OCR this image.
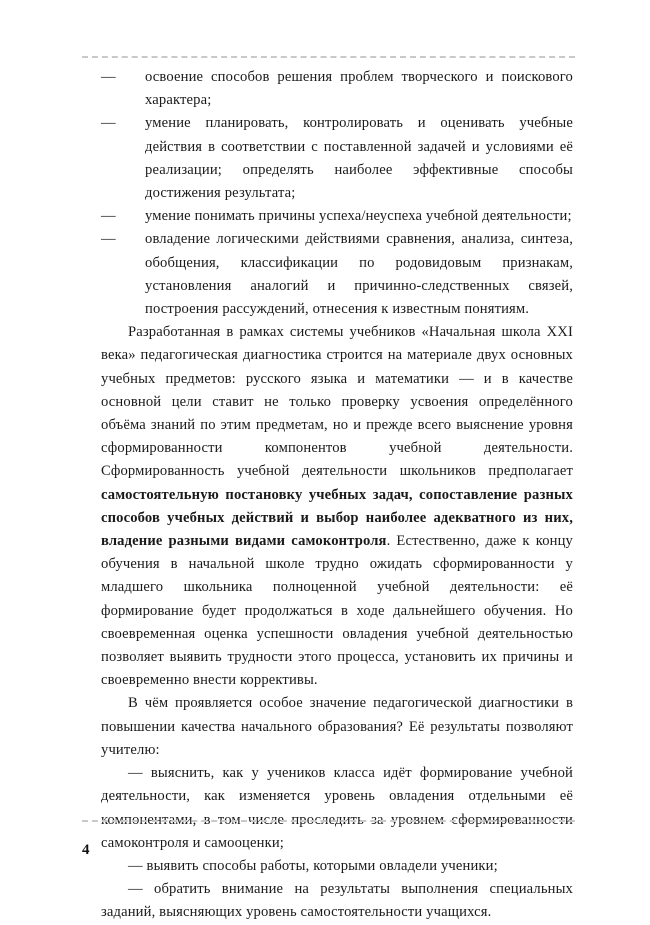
— освоение способов решения проблем творческого и поискового характера;

— умение планировать, контролировать и оценивать учебные действия в соответствии с поставленной задачей и условиями её реализации; определять наиболее эффективные способы достижения результата;

— умение понимать причины успеха/неуспеха учебной деятельности;

— овладение логическими действиями сравнения, анализа, синтеза, обобщения, классификации по родовидовым признакам, установления аналогий и причинно-следственных связей, построения рассуждений, отнесения к известным понятиям.

Разработанная в рамках системы учебников «Начальная школа XXI века» педагогическая диагностика строится на материале двух основных учебных предметов: русского языка и математики — и в качестве основной цели ставит не только проверку усвоения определённого объёма знаний по этим предметам, но и прежде всего выяснение уровня сформированности компонентов учебной деятельности. Сформированность учебной деятельности школьников предполагает самостоятельную постановку учебных задач, сопоставление разных способов учебных действий и выбор наиболее адекватного из них, владение разными видами самоконтроля. Естественно, даже к концу обучения в начальной школе трудно ожидать сформированности у младшего школьника полноценной учебной деятельности: её формирование будет продолжаться в ходе дальнейшего обучения. Но своевременная оценка успешности овладения учебной деятельностью позволяет выявить трудности этого процесса, установить их причины и своевременно внести коррективы.

В чём проявляется особое значение педагогической диагностики в повышении качества начального образования? Её результаты позволяют учителю:

— выяснить, как у учеников класса идёт формирование учебной деятельности, как изменяется уровень овладения отдельными её компонентами, в том числе проследить за уровнем сформированности самоконтроля и самооценки;

— выявить способы работы, которыми овладели ученики;

— обратить внимание на результаты выполнения специальных заданий, выясняющих уровень самостоятельности учащихся.

4
